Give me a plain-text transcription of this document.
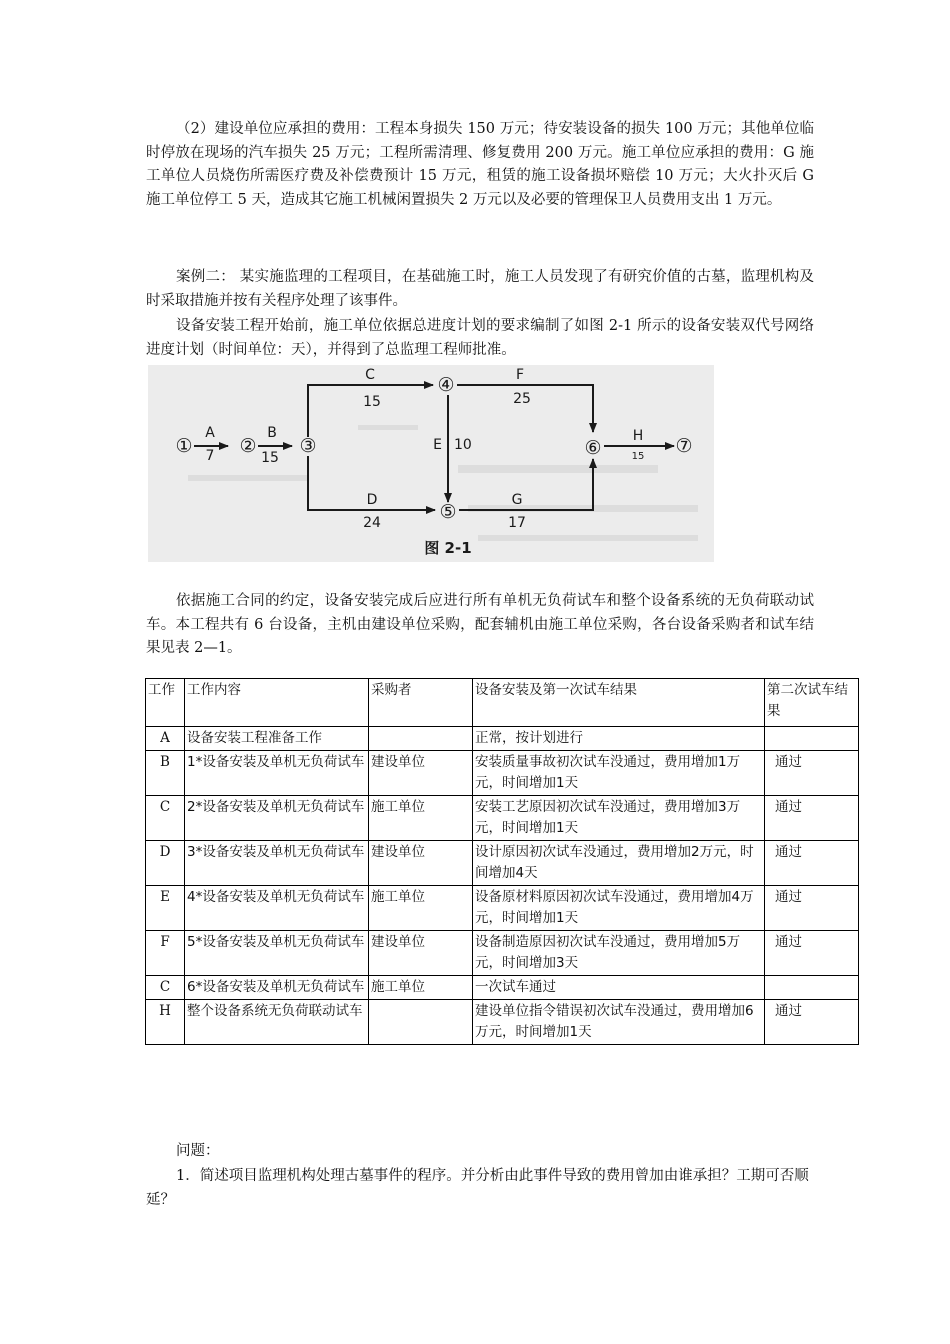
（2）建设单位应承担的费用：工程本身损失 150 万元；待安装设备的损失 100 万元；其他单位临时停放在现场的汽车损失 25 万元；工程所需清理、修复费用 200 万元。施工单位应承担的费用：G 施工单位人员烧伤所需医疗费及补偿费预计 15 万元，租赁的施工设备损坏赔偿 10 万元；大火扑灭后 G 施工单位停工 5 天，造成其它施工机械闲置损失 2 万元以及必要的管理保卫人员费用支出 1 万元。

案例二： 某实施监理的工程项目，在基础施工时，施工人员发现了有研究价值的古墓，监理机构及时采取措施并按有关程序处理了该事件。

设备安装工程开始前，施工单位依据总进度计划的要求编制了如图 2-1 所示的设备安装双代号网络进度计划（时间单位：天），并得到了总监理工程师批准。

① ② ③
④
⑤
⑥	⑦
A
7
B
15
C
15
F
25
E 10
H
15
D
24
G
17
图 2-1

依据施工合同的约定，设备安装完成后应进行所有单机无负荷试车和整个设备系统的无负荷联动试车。本工程共有 6 台设备，主机由建设单位采购，配套辅机由施工单位采购，各台设备采购者和试车结果见表 2—1。

工作	工作内容	采购者	设备安装及第一次试车结果	第二次试车结果
A	设备安装工程准备工作		正常，按计划进行	
B	1*设备安装及单机无负荷试车	建设单位	安装质量事故初次试车没通过，费用增加1万元，时间增加1天	通过
C	2*设备安装及单机无负荷试车	施工单位	安装工艺原因初次试车没通过，费用增加3万元，时间增加1天	通过
D	3*设备安装及单机无负荷试车	建设单位	设计原因初次试车没通过，费用增加2万元，时间增加4天	通过
E	4*设备安装及单机无负荷试车	施工单位	设备原材料原因初次试车没通过，费用增加4万元，时间增加1天	通过
F	5*设备安装及单机无负荷试车	建设单位	设备制造原因初次试车没通过，费用增加5万元，时间增加3天	通过
C	6*设备安装及单机无负荷试车	施工单位	一次试车通过	
H	整个设备系统无负荷联动试车		建设单位指令错误初次试车没通过，费用增加6万元，时间增加1天	通过

问题：

1．简述项目监理机构处理古墓事件的程序。并分析由此事件导致的费用曾加由谁承担？工期可否顺延？
